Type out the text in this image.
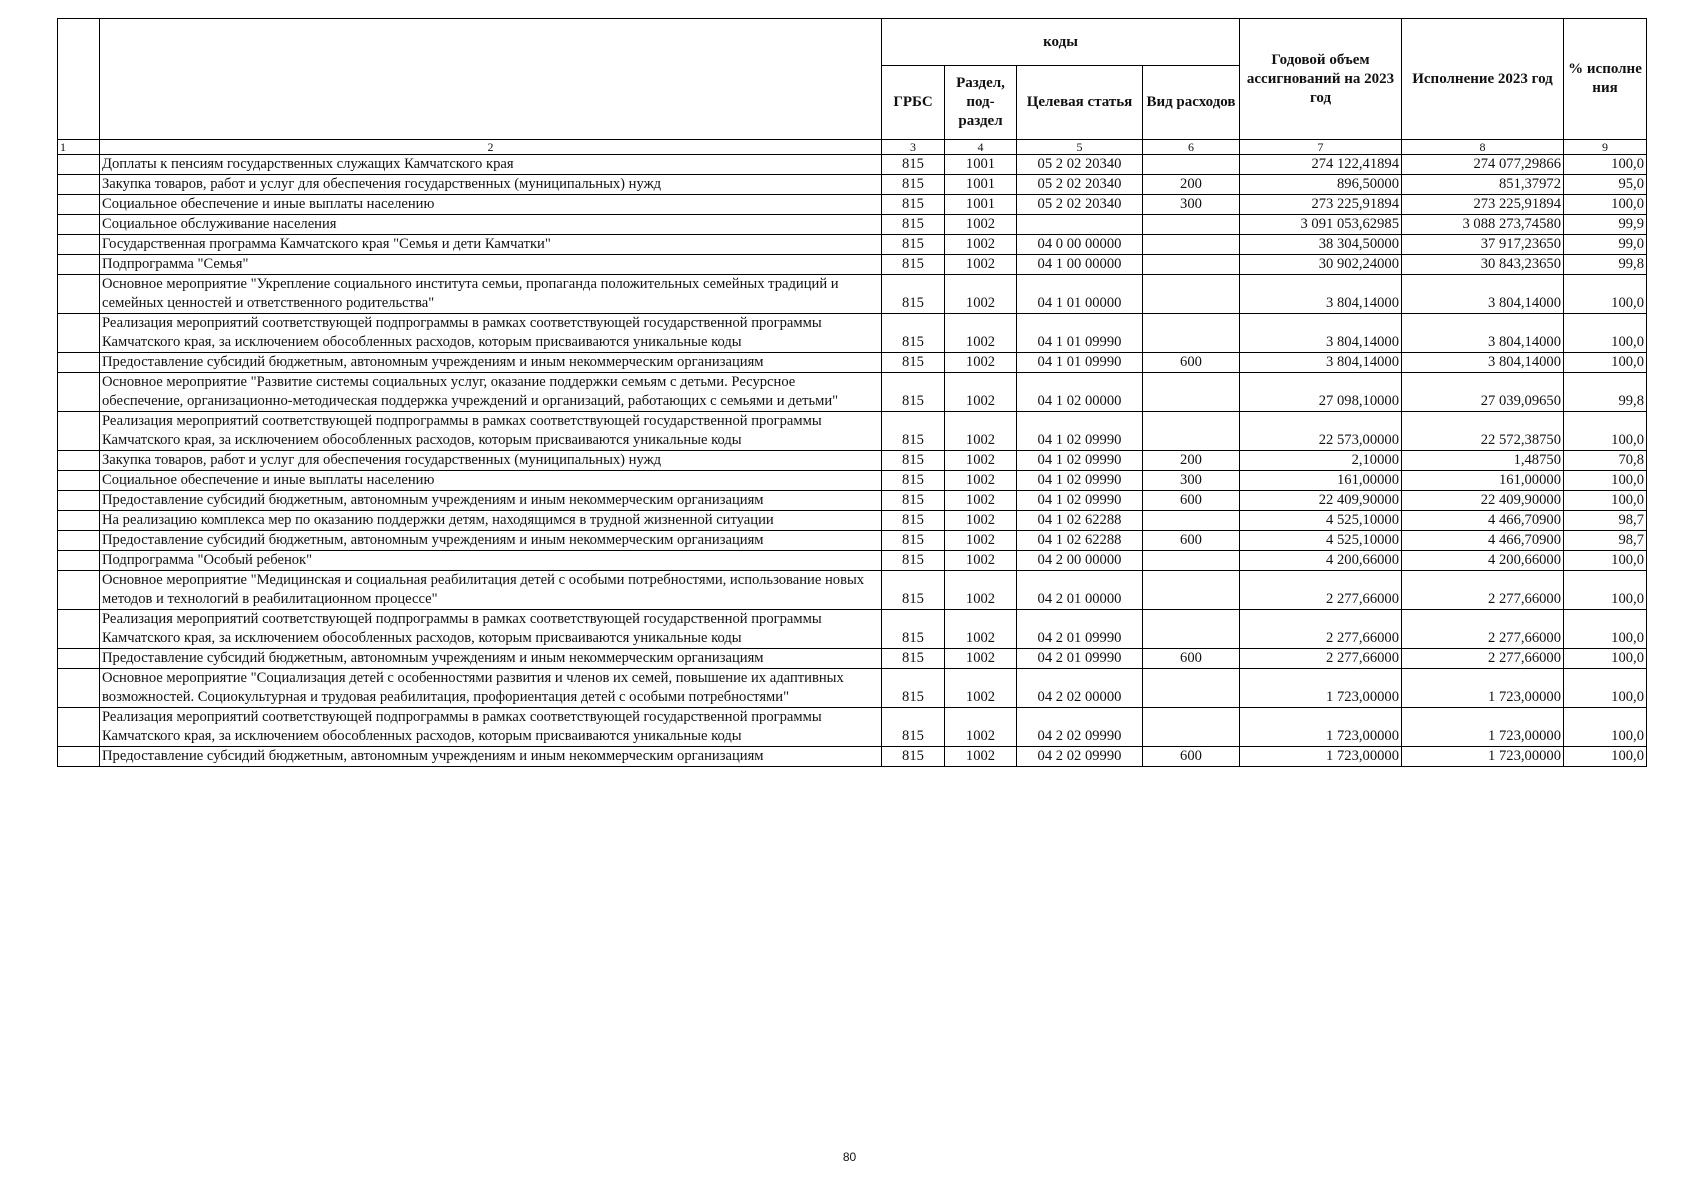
		коды				Годовой объем ассигнований на 2023 год	Исполнение 2023 год	% исполне ния
		ГРБС	Раздел, под-раздел	Целевая статья	Вид расходов			
1	2	3	4	5	6	7	8	9
	Доплаты к пенсиям государственных служащих Камчатского края	815	1001	05 2 02 20340		274 122,41894	274 077,29866	100,0
	Закупка товаров, работ и услуг для обеспечения государственных (муниципальных) нужд	815	1001	05 2 02 20340	200	896,50000	851,37972	95,0
	Социальное обеспечение и иные выплаты населению	815	1001	05 2 02 20340	300	273 225,91894	273 225,91894	100,0
	Социальное обслуживание населения	815	1002			3 091 053,62985	3 088 273,74580	99,9
	Государственная программа Камчатского края "Семья и дети Камчатки"	815	1002	04 0 00 00000		38 304,50000	37 917,23650	99,0
	Подпрограмма "Семья"	815	1002	04 1 00 00000		30 902,24000	30 843,23650	99,8
	Основное мероприятие "Укрепление социального института семьи, пропаганда положительных семейных традиций и семейных ценностей и ответственного родительства"	815	1002	04 1 01 00000		3 804,14000	3 804,14000	100,0
	Реализация мероприятий соответствующей подпрограммы в рамках соответствующей государственной программы Камчатского края, за исключением обособленных расходов, которым присваиваются уникальные коды	815	1002	04 1 01 09990		3 804,14000	3 804,14000	100,0
	Предоставление субсидий бюджетным, автономным учреждениям и иным некоммерческим организациям	815	1002	04 1 01 09990	600	3 804,14000	3 804,14000	100,0
	Основное мероприятие "Развитие системы социальных услуг, оказание поддержки семьям с детьми. Ресурсное обеспечение, организационно-методическая поддержка учреждений и организаций, работающих с семьями и детьми"	815	1002	04 1 02 00000		27 098,10000	27 039,09650	99,8
	Реализация мероприятий соответствующей подпрограммы в рамках соответствующей государственной программы Камчатского края, за исключением обособленных расходов, которым присваиваются уникальные коды	815	1002	04 1 02 09990		22 573,00000	22 572,38750	100,0
	Закупка товаров, работ и услуг для обеспечения государственных (муниципальных) нужд	815	1002	04 1 02 09990	200	2,10000	1,48750	70,8
	Социальное обеспечение и иные выплаты населению	815	1002	04 1 02 09990	300	161,00000	161,00000	100,0
	Предоставление субсидий бюджетным, автономным учреждениям и иным некоммерческим организациям	815	1002	04 1 02 09990	600	22 409,90000	22 409,90000	100,0
	На реализацию комплекса мер по оказанию поддержки детям, находящимся в трудной жизненной ситуации	815	1002	04 1 02 62288		4 525,10000	4 466,70900	98,7
	Предоставление субсидий бюджетным, автономным учреждениям и иным некоммерческим организациям	815	1002	04 1 02 62288	600	4 525,10000	4 466,70900	98,7
	Подпрограмма "Особый ребенок"	815	1002	04 2 00 00000		4 200,66000	4 200,66000	100,0
	Основное мероприятие "Медицинская и социальная реабилитация детей с особыми потребностями, использование новых методов и технологий в реабилитационном процессе"	815	1002	04 2 01 00000		2 277,66000	2 277,66000	100,0
	Реализация мероприятий соответствующей подпрограммы в рамках соответствующей государственной программы Камчатского края, за исключением обособленных расходов, которым присваиваются уникальные коды	815	1002	04 2 01 09990		2 277,66000	2 277,66000	100,0
	Предоставление субсидий бюджетным, автономным учреждениям и иным некоммерческим организациям	815	1002	04 2 01 09990	600	2 277,66000	2 277,66000	100,0
	Основное мероприятие "Социализация детей с особенностями развития и членов их семей, повышение их адаптивных возможностей. Социокультурная и трудовая реабилитация, профориентация детей с особыми потребностями"	815	1002	04 2 02 00000		1 723,00000	1 723,00000	100,0
	Реализация мероприятий соответствующей подпрограммы в рамках соответствующей государственной программы Камчатского края, за исключением обособленных расходов, которым присваиваются уникальные коды	815	1002	04 2 02 09990		1 723,00000	1 723,00000	100,0
	Предоставление субсидий бюджетным, автономным учреждениям и иным некоммерческим организациям	815	1002	04 2 02 09990	600	1 723,00000	1 723,00000	100,0
80
